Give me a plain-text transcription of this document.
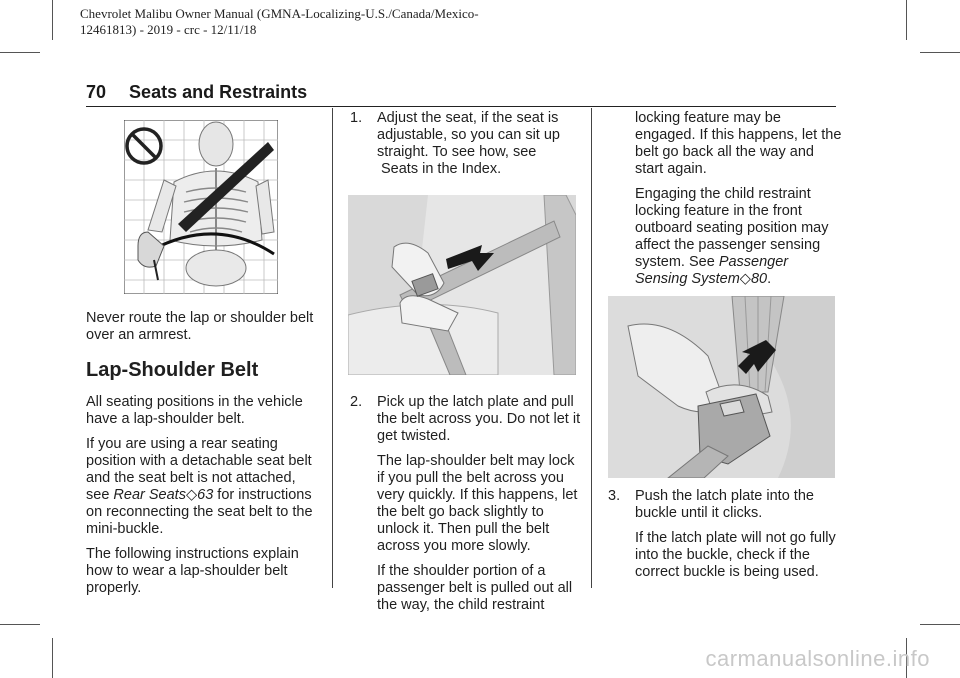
Chevrolet Malibu Owner Manual (GMNA-Localizing-U.S./Canada/Mexico-
12461813) - 2019 - crc - 12/11/18
70 Seats and Restraints

Never route the lap or shoulder belt over an armrest.

Lap-Shoulder Belt

All seating positions in the vehicle have a lap-shoulder belt.

If you are using a rear seating position with a detachable seat belt and the seat belt is not attached, see Rear Seats◇63 for instructions on reconnecting the seat belt to the mini-buckle.

The following instructions explain how to wear a lap-shoulder belt properly.

1.	Adjust the seat, if the seat is adjustable, so you can sit up straight. To see how, see
Seats in the Index.
2.	Pick up the latch plate and pull the belt across you. Do not let it get twisted.

The lap-shoulder belt may lock if you pull the belt across you very quickly. If this happens, let the belt go back slightly to unlock it. Then pull the belt across you more slowly.

If the shoulder portion of a passenger belt is pulled out all the way, the child restraint

locking feature may be engaged. If this happens, let the belt go back all the way and start again.

Engaging the child restraint locking feature in the front outboard seating position may affect the passenger sensing system. See Passenger Sensing System◇80.

3.	Push the latch plate into the buckle until it clicks.

If the latch plate will not go fully into the buckle, check if the correct buckle is being used.

carmanualsonline.info
